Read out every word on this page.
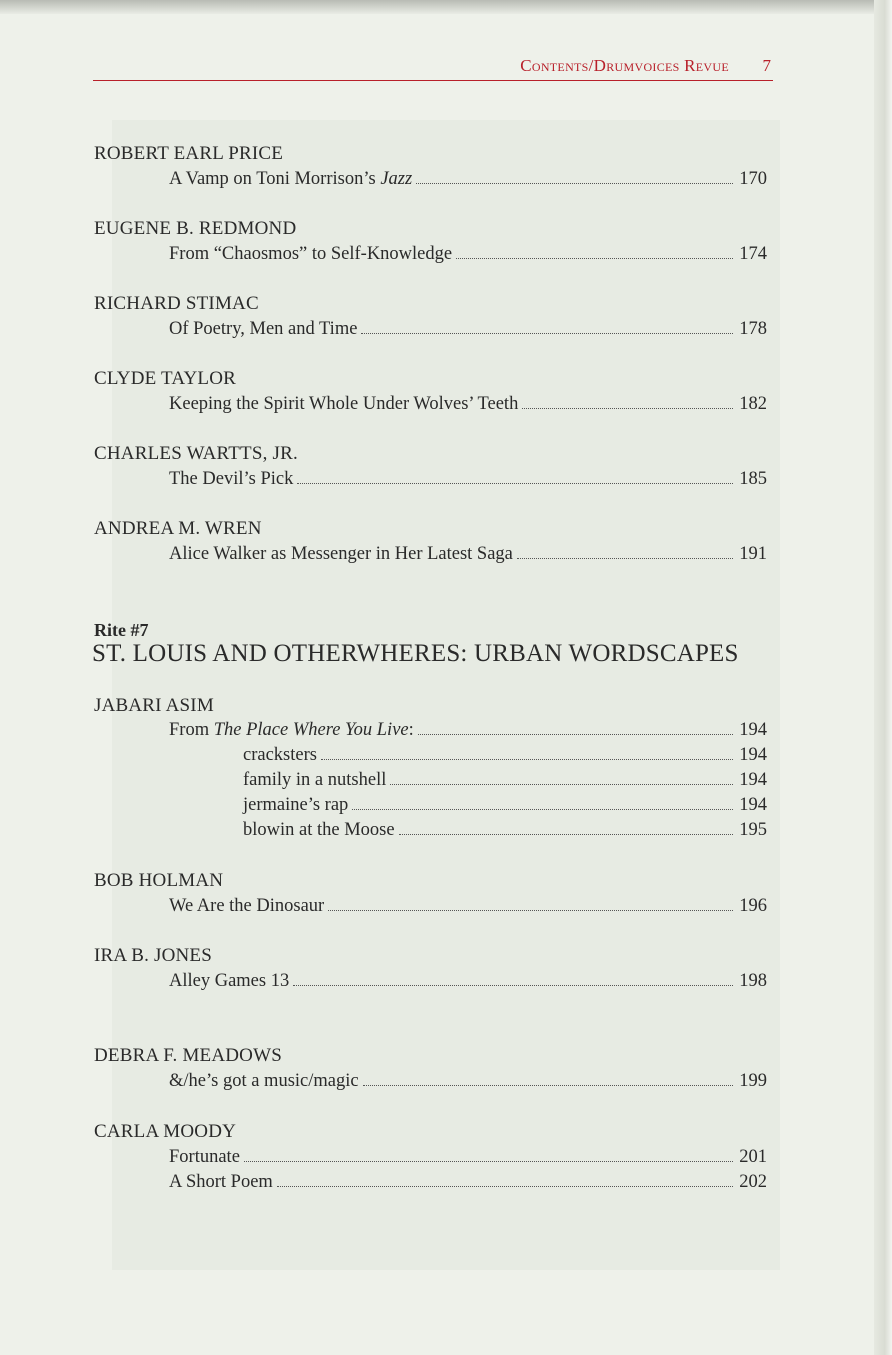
Contents/Drumvoices Revue 7
ROBERT EARL PRICE
A Vamp on Toni Morrison’s Jazz	170
EUGENE B. REDMOND
From “Chaosmos” to Self-Knowledge	174
RICHARD STIMAC
Of Poetry, Men and Time	178
CLYDE TAYLOR
Keeping the Spirit Whole Under Wolves’ Teeth	182
CHARLES WARTTS, JR.
The Devil’s Pick	185
ANDREA M. WREN
Alice Walker as Messenger in Her Latest Saga	191
Rite #7
ST. LOUIS AND OTHERWHERES: URBAN WORDSCAPES
JABARI ASIM
From The Place Where You Live:	194
cracksters	194
family in a nutshell	194
jermaine’s rap	194
blowin at the Moose	195
BOB HOLMAN
We Are the Dinosaur	196
IRA B. JONES
Alley Games 13	198
DEBRA F. MEADOWS
&/he’s got a music/magic	199
CARLA MOODY
Fortunate	201
A Short Poem	202
